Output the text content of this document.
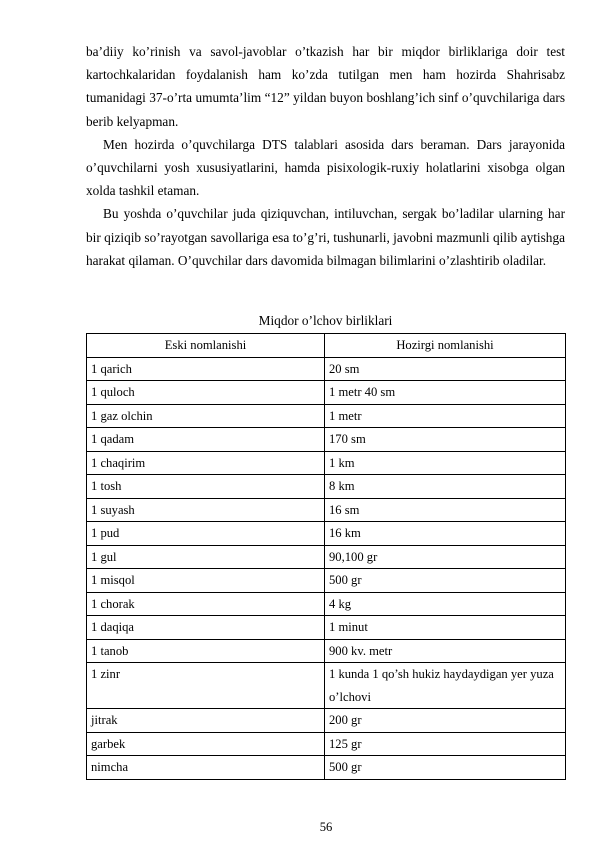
ba’diiy ko’rinish va savol-javoblar o’tkazish har bir miqdor birliklariga doir test kartochkalaridan foydalanish ham ko’zda tutilgan men ham hozirda Shahrisabz tumanidagi 37-o’rta umumta’lim “12” yildan buyon boshlang’ich sinf o’quvchilariga dars berib kelyapman.

Men hozirda o’quvchilarga DTS talablari asosida dars beraman. Dars jarayonida o’quvchilarni yosh xususiyatlarini, hamda pisixologik-ruxiy holatlarini xisobga olgan xolda tashkil etaman.

Bu yoshda o’quvchilar juda qiziquvchan, intiluvchan, sergak bo’ladilar ularning har bir qiziqib so’rayotgan savollariga esa to’g’ri, tushunarli, javobni mazmunli qilib aytishga harakat qilaman. O’quvchilar dars davomida bilmagan bilimlarini o’zlashtirib oladilar.

Miqdor o’lchov birliklari
Eski nomlanishi	Hozirgi nomlanishi
1 qarich	20 sm
1 quloch	1 metr 40 sm
1 gaz olchin	1 metr
1 qadam	170 sm
1 chaqirim	1 km
1 tosh	8 km
1 suyash	16 sm
1 pud	16 km
1 gul	90,100 gr
1 misqol	500 gr
1 chorak	4 kg
1 daqiqa	1 minut
1 tanob	900 kv. metr
1 zinr	1 kunda 1 qo’sh hukiz haydaydigan yer yuza o’lchovi
jitrak	200 gr
garbek	125 gr
nimcha	500 gr
56
